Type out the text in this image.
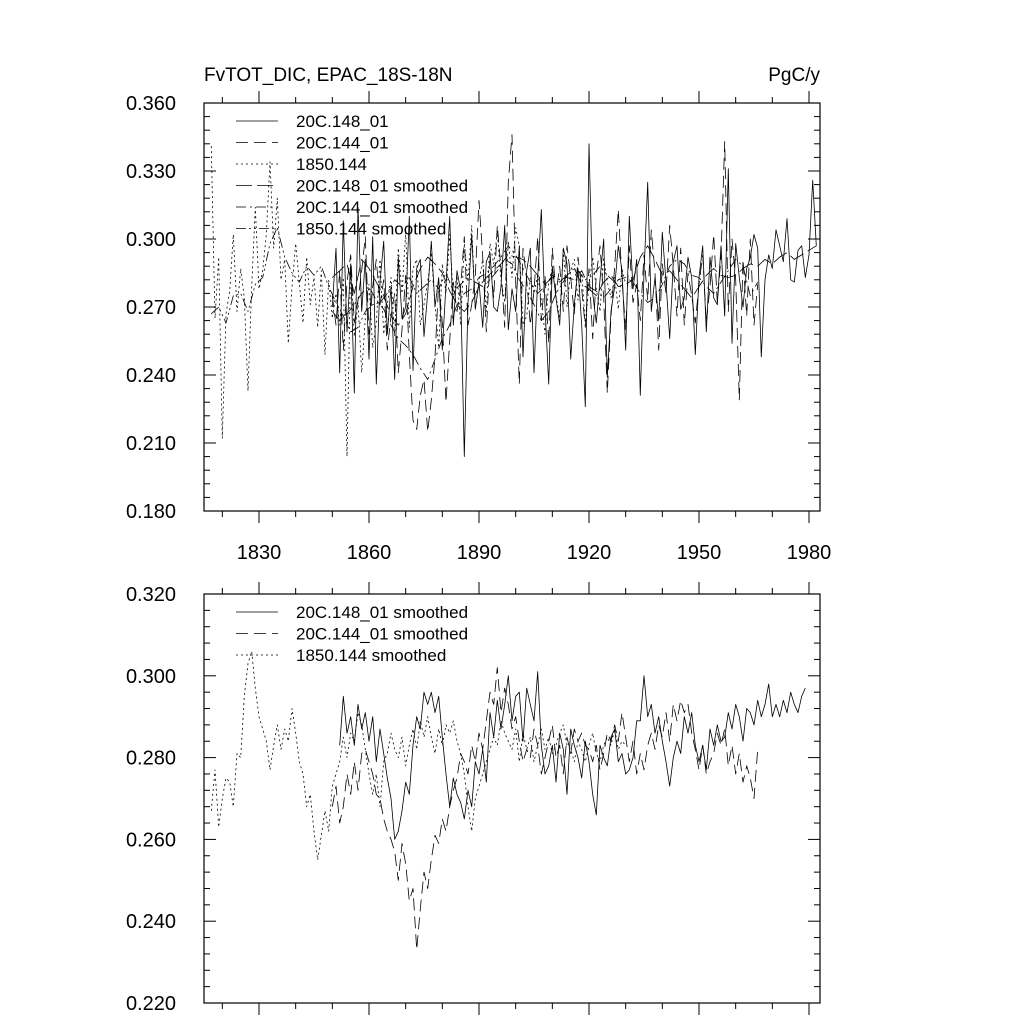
1830	1860	1890	1920	1950	1980
0.360
0.330
0.300
0.270
0.240
0.210
0.180
FvTOT_DIC, EPAC_18S-18N	PgC/y
20C.148_01
20C.144_01
1850.144
20C.148_01 smoothed
20C.144_01 smoothed
1850.144 smoothed
0.320
0.300
0.280
0.260
0.240
0.220
20C.148_01 smoothed
20C.144_01 smoothed
1850.144 smoothed
